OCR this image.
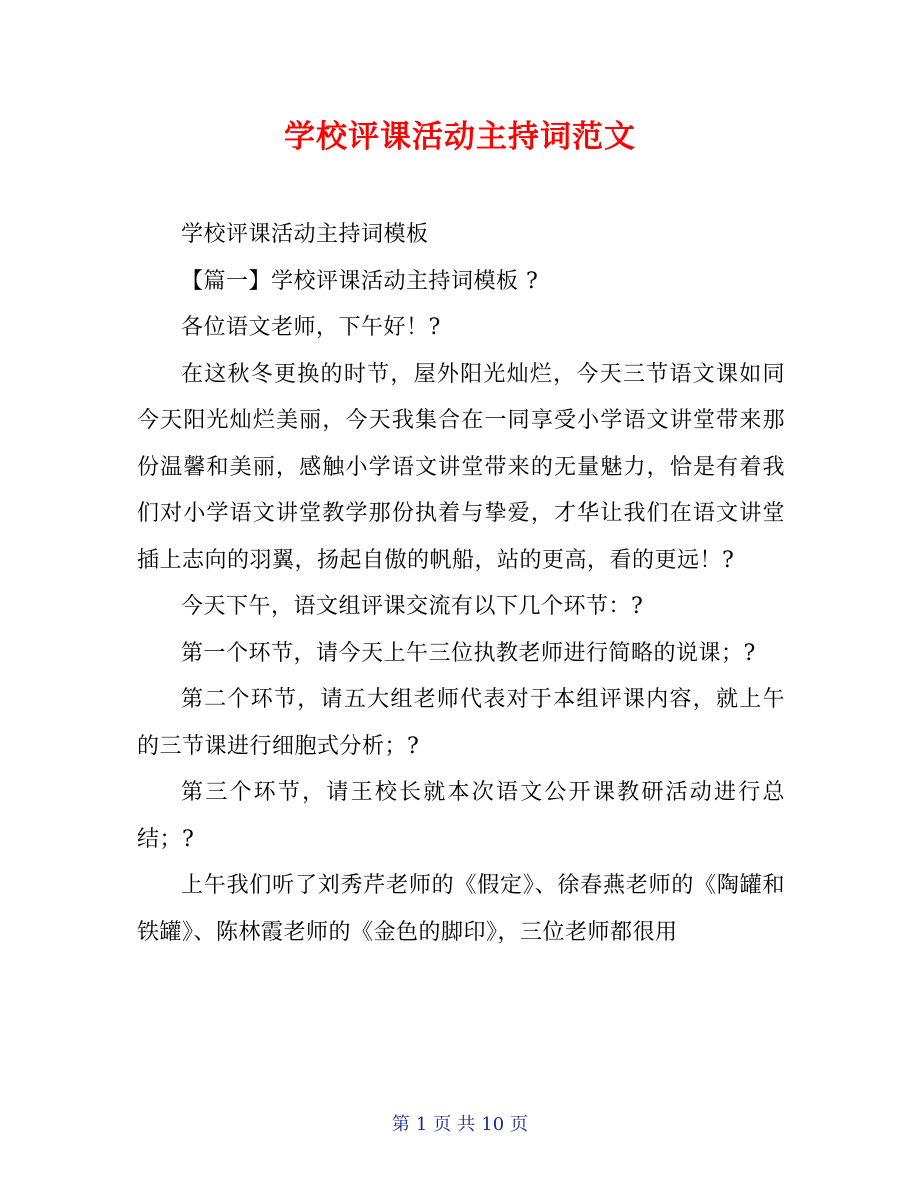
学校评课活动主持词范文

学校评课活动主持词模板

【篇一】学校评课活动主持词模板 ?

各位语文老师，下午好！?

在这秋冬更换的时节，屋外阳光灿烂，今天三节语文课如同今天阳光灿烂美丽，今天我集合在一同享受小学语文讲堂带来那份温馨和美丽，感触小学语文讲堂带来的无量魅力，恰是有着我们对小学语文讲堂教学那份执着与挚爱，才华让我们在语文讲堂插上志向的羽翼，扬起自傲的帆船，站的更高，看的更远！?

今天下午，语文组评课交流有以下几个环节：?

第一个环节，请今天上午三位执教老师进行简略的说课；?

第二个环节，请五大组老师代表对于本组评课内容，就上午的三节课进行细胞式分析；?

第三个环节，请王校长就本次语文公开课教研活动进行总结；?

上午我们听了刘秀芹老师的《假定》、徐春燕老师的《陶罐和铁罐》、陈林霞老师的《金色的脚印》，三位老师都很用

第 1 页 共 10 页
